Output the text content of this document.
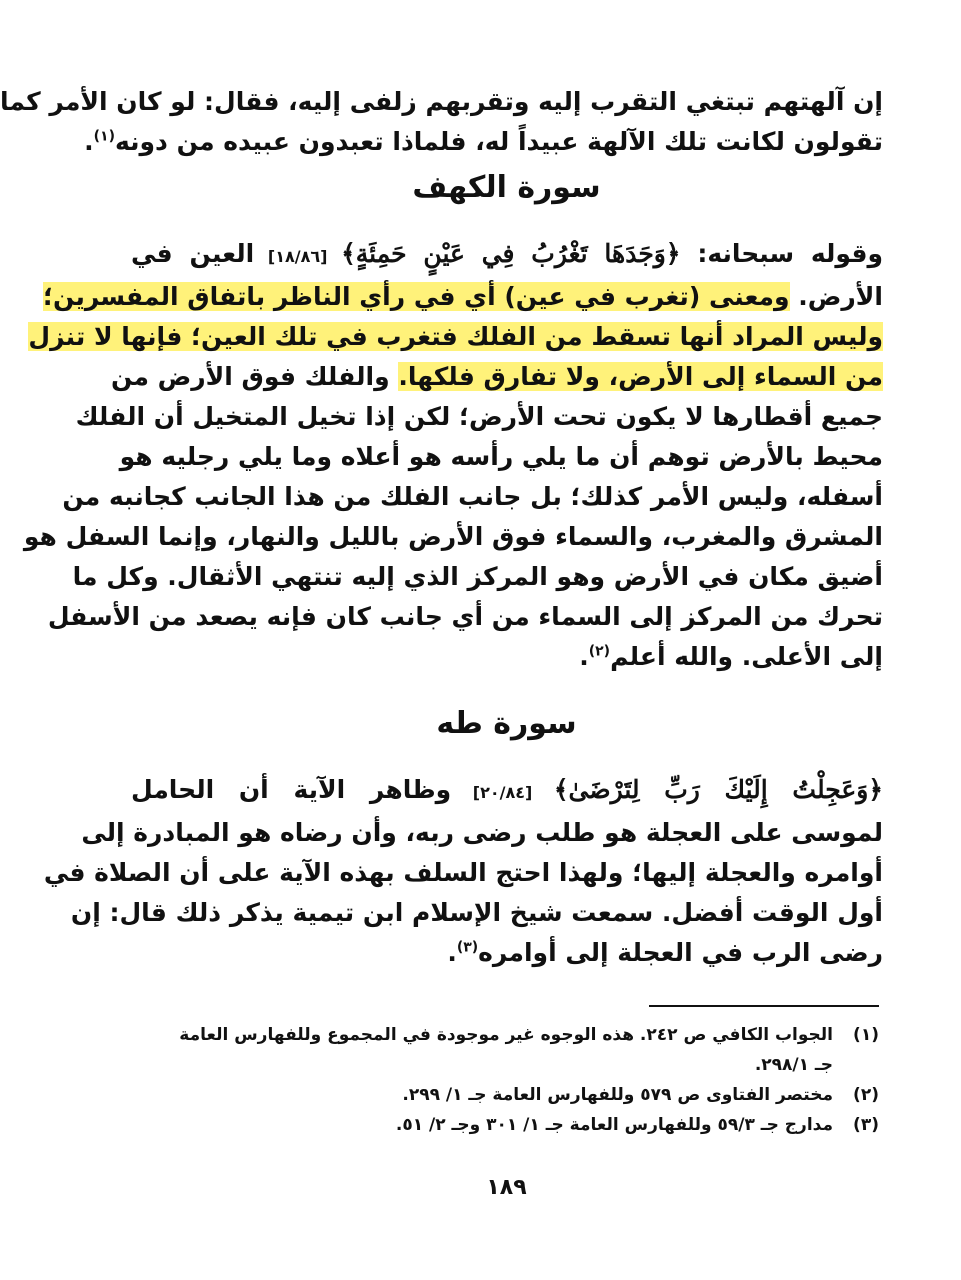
إن آلهتهم تبتغي التقرب إليه وتقربهم زلفى إليه، فقال: لو كان الأمر كما
تقولون لكانت تلك الآلهة عبيداً له، فلماذا تعبدون عبيده من دونه$^{(١)}$.
سورة الكهف
وقوله سبحانه: ﴿وَجَدَهَا تَغْرُبُ فِي عَيْنٍ حَمِئَةٍ﴾ [١٨/٨٦] العين في
الأرض. ومعنى (تغرب في عين) أي في رأي الناظر باتفاق المفسرين؛
وليس المراد أنها تسقط من الفلك فتغرب في تلك العين؛ فإنها لا تنزل
من السماء إلى الأرض، ولا تفارق فلكها. والفلك فوق الأرض من
جميع أقطارها لا يكون تحت الأرض؛ لكن إذا تخيل المتخيل أن الفلك
محيط بالأرض توهم أن ما يلي رأسه هو أعلاه وما يلي رجليه هو
أسفله، وليس الأمر كذلك؛ بل جانب الفلك من هذا الجانب كجانبه من
المشرق والمغرب، والسماء فوق الأرض بالليل والنهار، وإنما السفل هو
أضيق مكان في الأرض وهو المركز الذي إليه تنتهي الأثقال. وكل ما
تحرك من المركز إلى السماء من أي جانب كان فإنه يصعد من الأسفل
إلى الأعلى. والله أعلم$^{(٢)}$.
سورة طه
﴿وَعَجِلْتُ إِلَيْكَ رَبِّ لِتَرْضَىٰ﴾ [٢٠/٨٤] وظاهر الآية أن الحامل
لموسى على العجلة هو طلب رضى ربه، وأن رضاه هو المبادرة إلى
أوامره والعجلة إليها؛ ولهذا احتج السلف بهذه الآية على أن الصلاة في
أول الوقت أفضل. سمعت شيخ الإسلام ابن تيمية يذكر ذلك قال: إن
رضى الرب في العجلة إلى أوامره$^{(٣)}$.
(١)
الجواب الكافي ص ٢٤٢. هذه الوجوه غير موجودة في المجموع وللفهارس العامة جـ ٢٩٨/١.
(٢)
مختصر الفتاوى ص ٥٧٩ وللفهارس العامة جـ ١/ ٢٩٩.
(٣)
مدارج جـ ٥٩/٣ وللفهارس العامة جـ ١/ ٣٠١ وجـ ٢/ ٥١.
١٨٩
